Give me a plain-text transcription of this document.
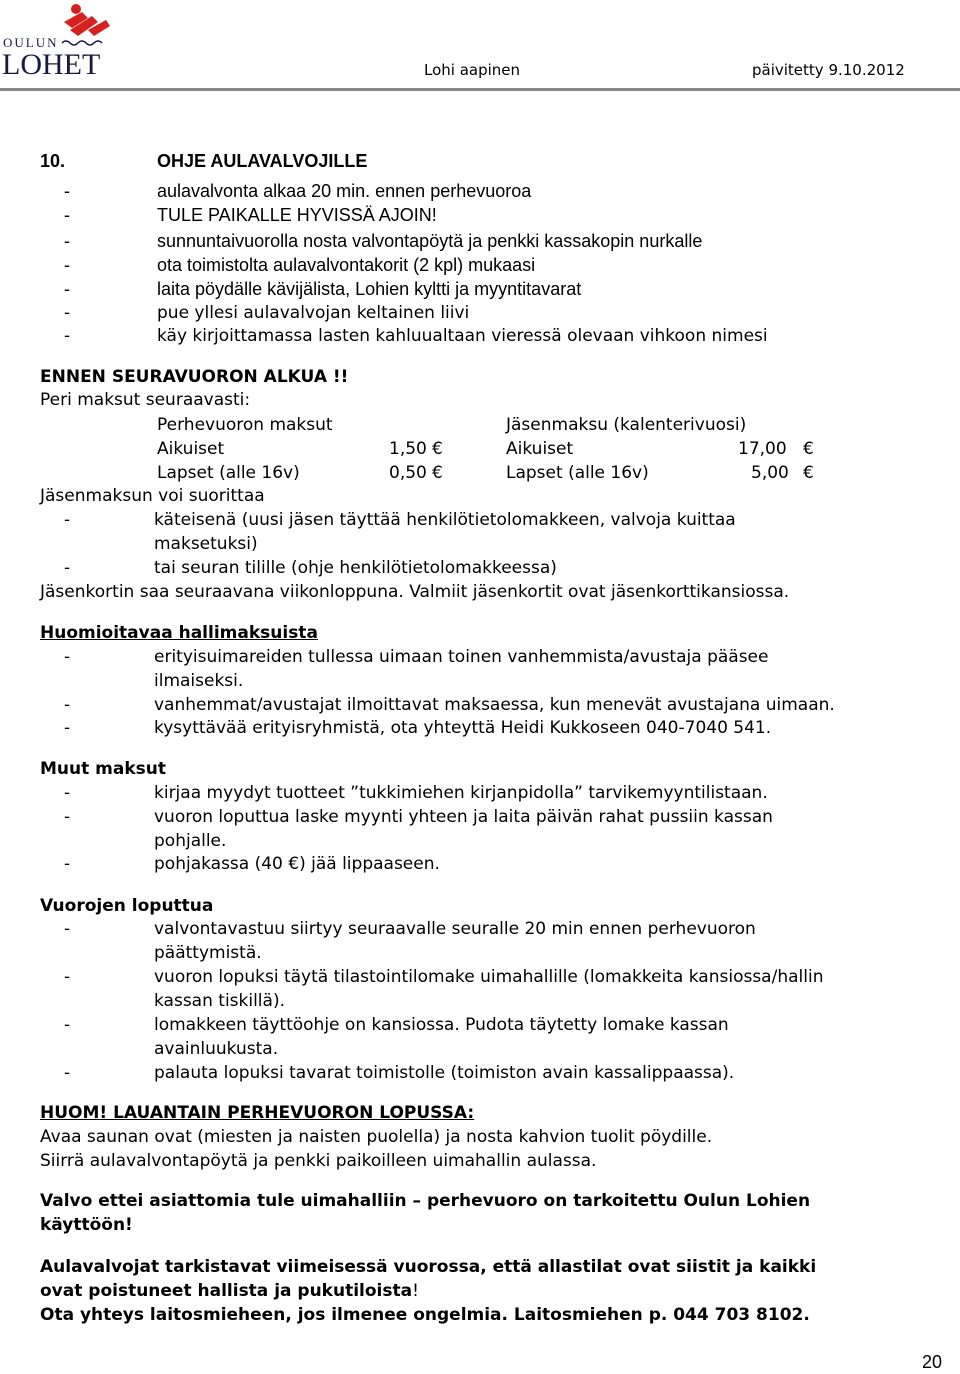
OULUN
LOHET	Lohi aapinen	päivitetty 9.10.2012
10.	OHJE AULAVALVOJILLE
-	aulavalvonta alkaa 20 min. ennen perhevuoroa
-	TULE PAIKALLE HYVISSÄ AJOIN!
-	sunnuntaivuorolla nosta valvontapöytä ja penkki kassakopin nurkalle
-	ota toimistolta aulavalvontakorit (2 kpl) mukaasi
-	laita pöydälle kävijälista, Lohien kyltti ja myyntitavarat
-	pue yllesi aulavalvojan keltainen liivi
-	käy kirjoittamassa lasten kahluualtaan vieressä olevaan vihkoon nimesi
ENNEN SEURAVUORON ALKUA !!
Peri maksut seuraavasti:
Perhevuoron maksut	Jäsenmaksu (kalenterivuosi)
Aikuiset	1,50 €	Aikuiset	17,00 €
Lapset (alle 16v)	0,50 €	Lapset (alle 16v)	5,00 €
Jäsenmaksun voi suorittaa
-	käteisenä (uusi jäsen täyttää henkilötietolomakkeen, valvoja kuittaa
maksetuksi)
-	tai seuran tilille (ohje henkilötietolomakkeessa)
Jäsenkortin saa seuraavana viikonloppuna. Valmiit jäsenkortit ovat jäsenkorttikansiossa.
Huomioitavaa hallimaksuista
-	erityisuimareiden tullessa uimaan toinen vanhemmista/avustaja pääsee
ilmaiseksi.
-	vanhemmat/avustajat ilmoittavat maksaessa, kun menevät avustajana uimaan.
-	kysyttävää erityisryhmistä, ota yhteyttä Heidi Kukkoseen 040-7040 541.
Muut maksut
-	kirjaa myydyt tuotteet ”tukkimiehen kirjanpidolla” tarvikemyyntilistaan.
-	vuoron loputtua laske myynti yhteen ja laita päivän rahat pussiin kassan
pohjalle.
-	pohjakassa (40 €) jää lippaaseen.
Vuorojen loputtua
-	valvontavastuu siirtyy seuraavalle seuralle 20 min ennen perhevuoron
päättymistä.
-	vuoron lopuksi täytä tilastointilomake uimahallille (lomakkeita kansiossa/hallin
kassan tiskillä).
-	lomakkeen täyttöohje on kansiossa. Pudota täytetty lomake kassan
avainluukusta.
-	palauta lopuksi tavarat toimistolle (toimiston avain kassalippaassa).
HUOM! LAUANTAIN PERHEVUORON LOPUSSA:
Avaa saunan ovat (miesten ja naisten puolella) ja nosta kahvion tuolit pöydille.
Siirrä aulavalvontapöytä ja penkki paikoilleen uimahallin aulassa.
Valvo ettei asiattomia tule uimahalliin – perhevuoro on tarkoitettu Oulun Lohien
käyttöön!
Aulavalvojat tarkistavat viimeisessä vuorossa, että allastilat ovat siistit ja kaikki
ovat poistuneet hallista ja pukutiloista!
Ota yhteys laitosmieheen, jos ilmenee ongelmia. Laitosmiehen p. 044 703 8102.
20
